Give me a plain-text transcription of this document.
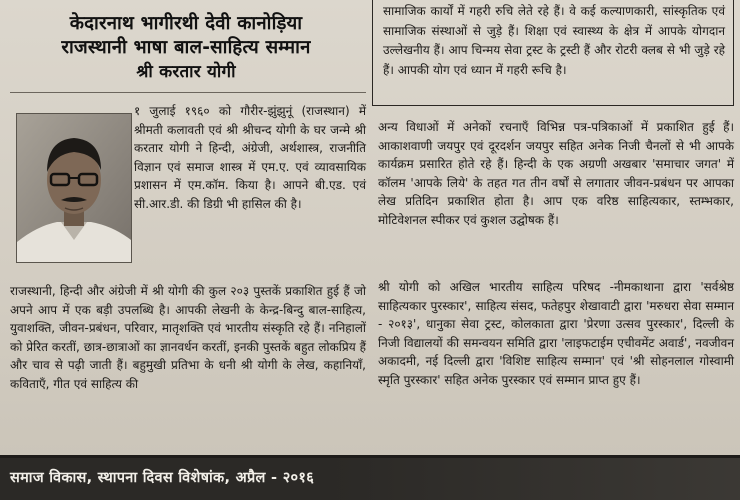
केदारनाथ भागीरथी देवी कानोड़िया
राजस्थानी भाषा बाल-साहित्य सम्मान
श्री करतार योगी

१ जुलाई १९६० को गौरीर-झुंझुनूं (राजस्थान) में श्रीमती कलावती एवं श्री श्रीचन्द योगी के घर जन्मे श्री करतार योगी ने हिन्दी, अंग्रेजी, अर्थशास्त्र, राजनीति विज्ञान एवं समाज शास्त्र में एम.ए. एवं व्यावसायिक प्रशासन में एम.कॉम. किया है। आपने बी.एड. एवं सी.आर.डी. की डिग्री भी हासिल की है।

राजस्थानी, हिन्दी और अंग्रेजी में श्री योगी की कुल २०३ पुस्तकें प्रकाशित हुई हैं जो अपने आप में एक बड़ी उपलब्धि है। आपकी लेखनी के केन्द्र-बिन्दु बाल-साहित्य, युवाशक्ति, जीवन-प्रबंधन, परिवार, मातृशक्ति एवं भारतीय संस्कृति रहे हैं। ननिहालों को प्रेरित करतीं, छात्र-छात्राओं का ज्ञानवर्धन करतीं, इनकी पुस्तकें बहुत लोकप्रिय हैं और चाव से पढ़ी जाती हैं। बहुमुखी प्रतिभा के धनी श्री योगी के लेख, कहानियाँ, कविताएँ, गीत एवं साहित्य की

सामाजिक कार्यों में गहरी रुचि लेते रहे हैं। वे कई कल्याणकारी, सांस्कृतिक एवं सामाजिक संस्थाओं से जुड़े हैं। शिक्षा एवं स्वास्थ्य के क्षेत्र में आपके योगदान उल्लेखनीय हैं। आप चिन्मय सेवा ट्रस्ट के ट्रस्टी हैं और रोटरी क्लब से भी जुड़े रहे हैं। आपकी योग एवं ध्यान में गहरी रूचि है।

अन्य विधाओं में अनेकों रचनाएँ विभिन्न पत्र-पत्रिकाओं में प्रकाशित हुई हैं। आकाशवाणी जयपुर एवं दूरदर्शन जयपुर सहित अनेक निजी चैनलों से भी आपके कार्यक्रम प्रसारित होते रहे हैं। हिन्दी के एक अग्रणी अखबार 'समाचार जगत' में कॉलम 'आपके लिये' के तहत गत तीन वर्षों से लगातार जीवन-प्रबंधन पर आपका लेख प्रतिदिन प्रकाशित होता है। आप एक वरिष्ठ साहित्यकार, स्तम्भकार, मोटिवेशनल स्पीकर एवं कुशल उद्घोषक हैं।

श्री योगी को अखिल भारतीय साहित्य परिषद -नीमकाथाना द्वारा 'सर्वश्रेष्ठ साहित्यकार पुरस्कार', साहित्य संसद, फतेहपुर शेखावाटी द्वारा 'मरुधरा सेवा सम्मान - २०१३', धानुका सेवा ट्रस्ट, कोलकाता द्वारा 'प्रेरणा उत्सव पुरस्कार', दिल्ली के निजी विद्यालयों की समन्वयन समिति द्वारा 'लाइफटाईम एचीवमेंट अवार्ड', नवजीवन अकादमी, नई दिल्ली द्वारा 'विशिष्ट साहित्य सम्मान' एवं 'श्री सोहनलाल गोस्वामी स्मृति पुरस्कार' सहित अनेक पुरस्कार एवं सम्मान प्राप्त हुए हैं।

समाज विकास, स्थापना दिवस विशेषांक, अप्रैल - २०१६
